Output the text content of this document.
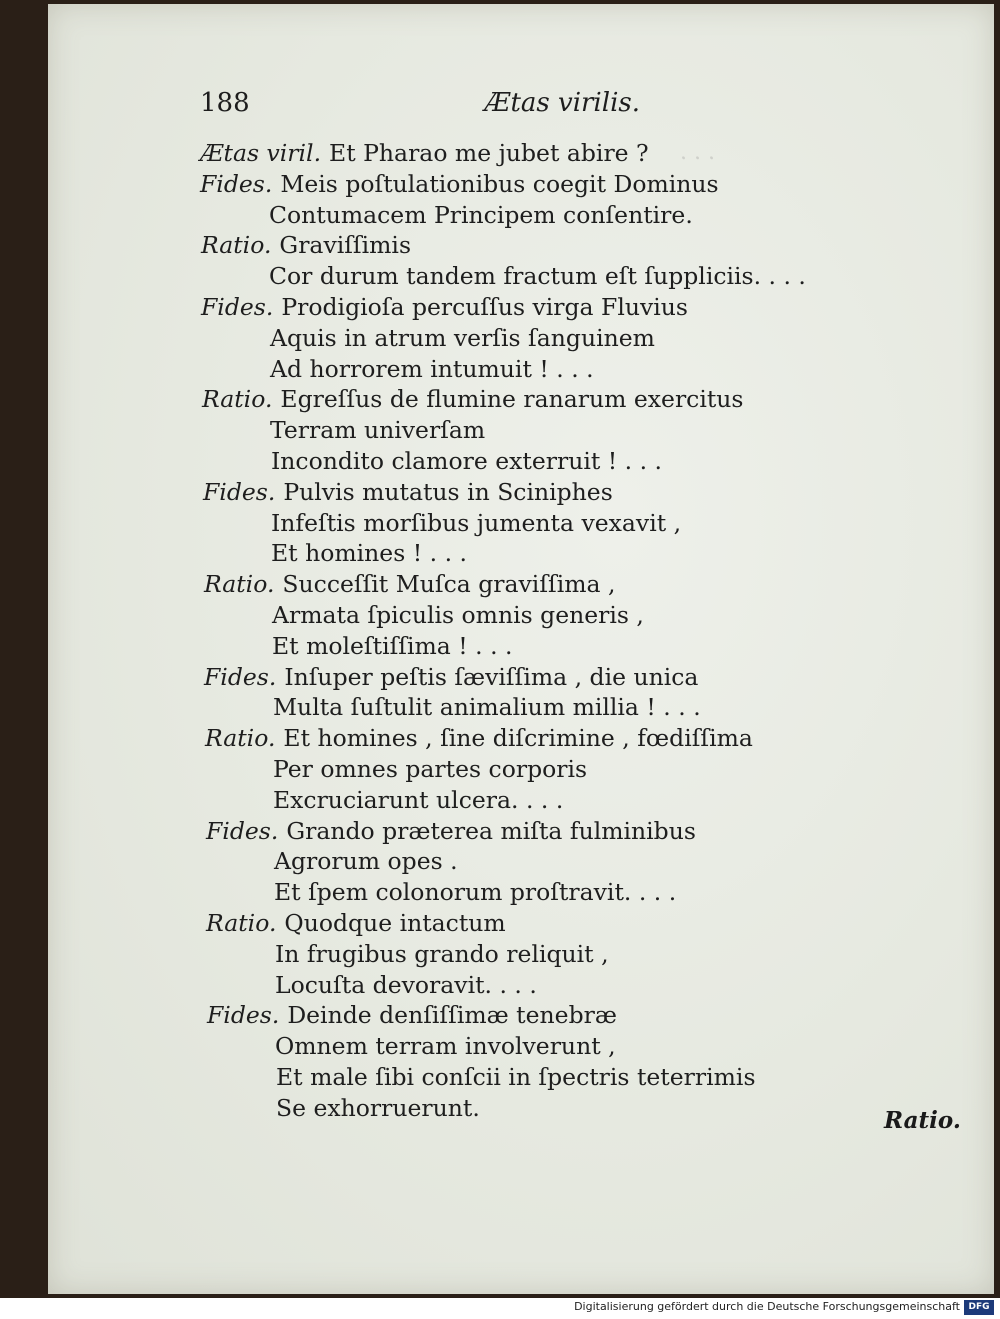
. . .
188	Ætas virilis.
Ætas viril. Et Pharao me jubet abire ?
Fides. Meis poſtulationibus coegit Dominus
Contumacem Principem conſentire.
Ratio. Graviſſimis
Cor durum tandem fractum eſt ſuppliciis. . . .
Fides. Prodigioſa percuſſus virga Fluvius
Aquis in atrum verſis ſanguinem
Ad horrorem intumuit ! . . .
Ratio. Egreſſus de flumine ranarum exercitus
Terram univerſam
Incondito clamore exterruit ! . . .
Fides. Pulvis mutatus in Sciniphes
Infeſtis morſibus jumenta vexavit ,
Et homines ! . . .
Ratio. Succeſſit Muſca graviſſima ,
Armata ſpiculis omnis generis ,
Et moleſtiſſima ! . . .
Fides. Inſuper peſtis ſæviſſima , die unica
Multa ſuſtulit animalium millia ! . . .
Ratio. Et homines , ſine diſcrimine , fœdiſſima
Per omnes partes corporis
Excruciarunt ulcera. . . .
Fides. Grando præterea miſta fulminibus
Agrorum opes .
Et ſpem colonorum proſtravit. . . .
Ratio. Quodque intactum
In frugibus grando reliquit ,
Locuſta devoravit. . . .
Fides. Deinde denſiſſimæ tenebræ
Omnem terram involverunt ,
Et male ſibi conſcii in ſpectris teterrimis
Se exhorruerunt.	Ratio.
Digitalisierung gefördert durch die Deutsche Forschungsgemeinschaft DFG
